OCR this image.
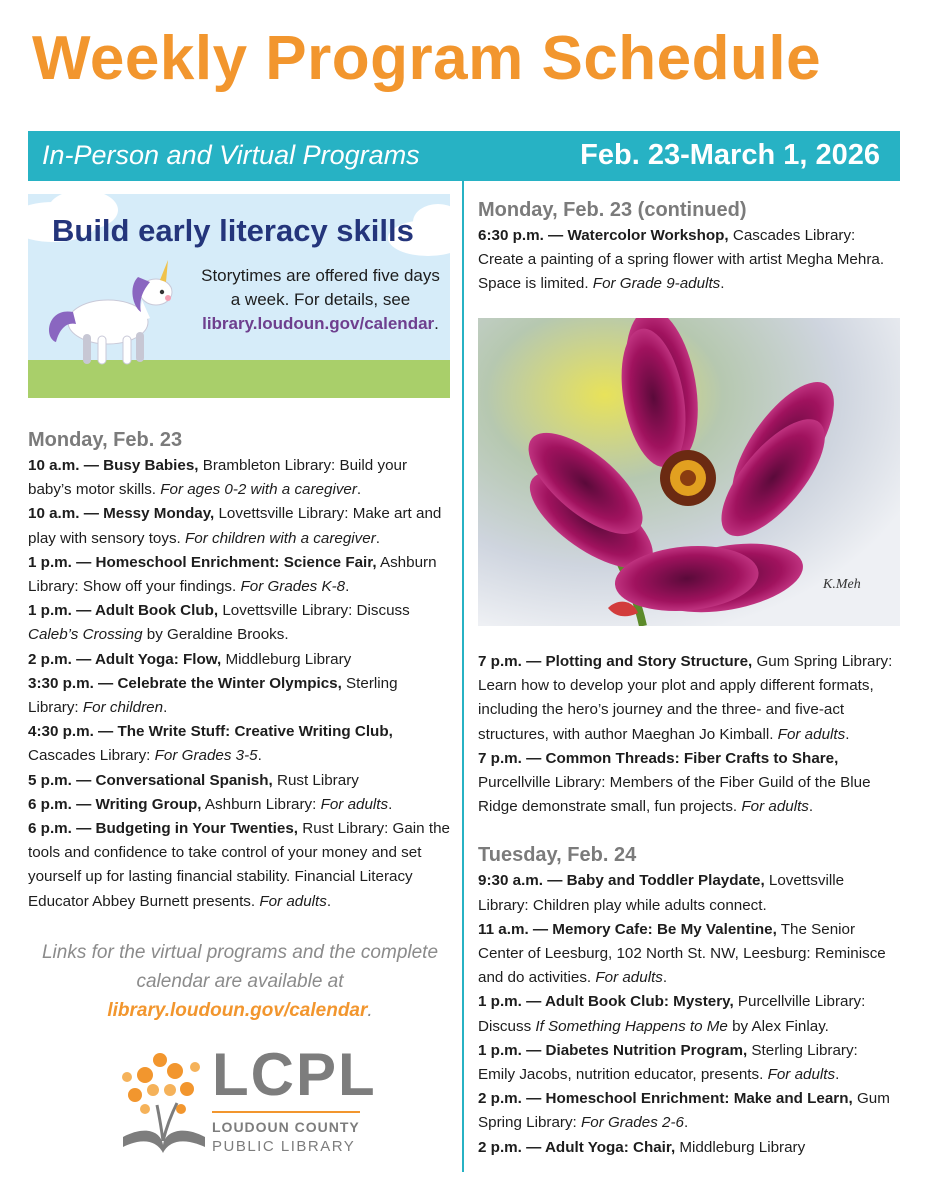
Weekly Program Schedule
In-Person and Virtual Programs	Feb. 23-March 1, 2026
Build early literacy skills
Storytimes are offered five days a week. For details, see library.loudoun.gov/calendar.
Monday, Feb. 23

10 a.m. — Busy Babies, Brambleton Library: Build your baby’s motor skills. For ages 0-2 with a caregiver.

10 a.m. — Messy Monday, Lovettsville Library: Make art and play with sensory toys. For children with a caregiver.

1 p.m. — Homeschool Enrichment: Science Fair, Ashburn Library: Show off your findings. For Grades K-8.

1 p.m. — Adult Book Club, Lovettsville Library: Discuss Caleb’s Crossing by Geraldine Brooks.

2 p.m. — Adult Yoga: Flow, Middleburg Library

3:30 p.m. — Celebrate the Winter Olympics, Sterling Library: For children.

4:30 p.m. — The Write Stuff: Creative Writing Club, Cascades Library: For Grades 3-5.

5 p.m. — Conversational Spanish, Rust Library

6 p.m. — Writing Group, Ashburn Library: For adults.

6 p.m. — Budgeting in Your Twenties, Rust Library: Gain the tools and confidence to take control of your money and set yourself up for lasting financial stability. Financial Literacy Educator Abbey Burnett presents. For adults.

Links for the virtual programs and the complete calendar are available at library.loudoun.gov/calendar.
LCPL
LOUDOUN COUNTY
PUBLIC LIBRARY
Monday, Feb. 23 (continued)

6:30 p.m. — Watercolor Workshop, Cascades Library: Create a painting of a spring flower with artist Megha Mehra. Space is limited. For Grade 9-adults.

K.Meh

7 p.m. — Plotting and Story Structure, Gum Spring Library: Learn how to develop your plot and apply different formats, including the hero’s journey and the three- and five-act structures, with author Maeghan Jo Kimball. For adults.

7 p.m. — Common Threads: Fiber Crafts to Share, Purcellville Library: Members of the Fiber Guild of the Blue Ridge demonstrate small, fun projects. For adults.

Tuesday, Feb. 24

9:30 a.m. — Baby and Toddler Playdate, Lovettsville Library: Children play while adults connect.

11 a.m. — Memory Cafe: Be My Valentine, The Senior Center of Leesburg, 102 North St. NW, Leesburg: Reminisce and do activities. For adults.

1 p.m. — Adult Book Club: Mystery, Purcellville Library: Discuss If Something Happens to Me by Alex Finlay.

1 p.m. — Diabetes Nutrition Program, Sterling Library: Emily Jacobs, nutrition educator, presents. For adults.

2 p.m. — Homeschool Enrichment: Make and Learn, Gum Spring Library: For Grades 2-6.

2 p.m. — Adult Yoga: Chair, Middleburg Library
